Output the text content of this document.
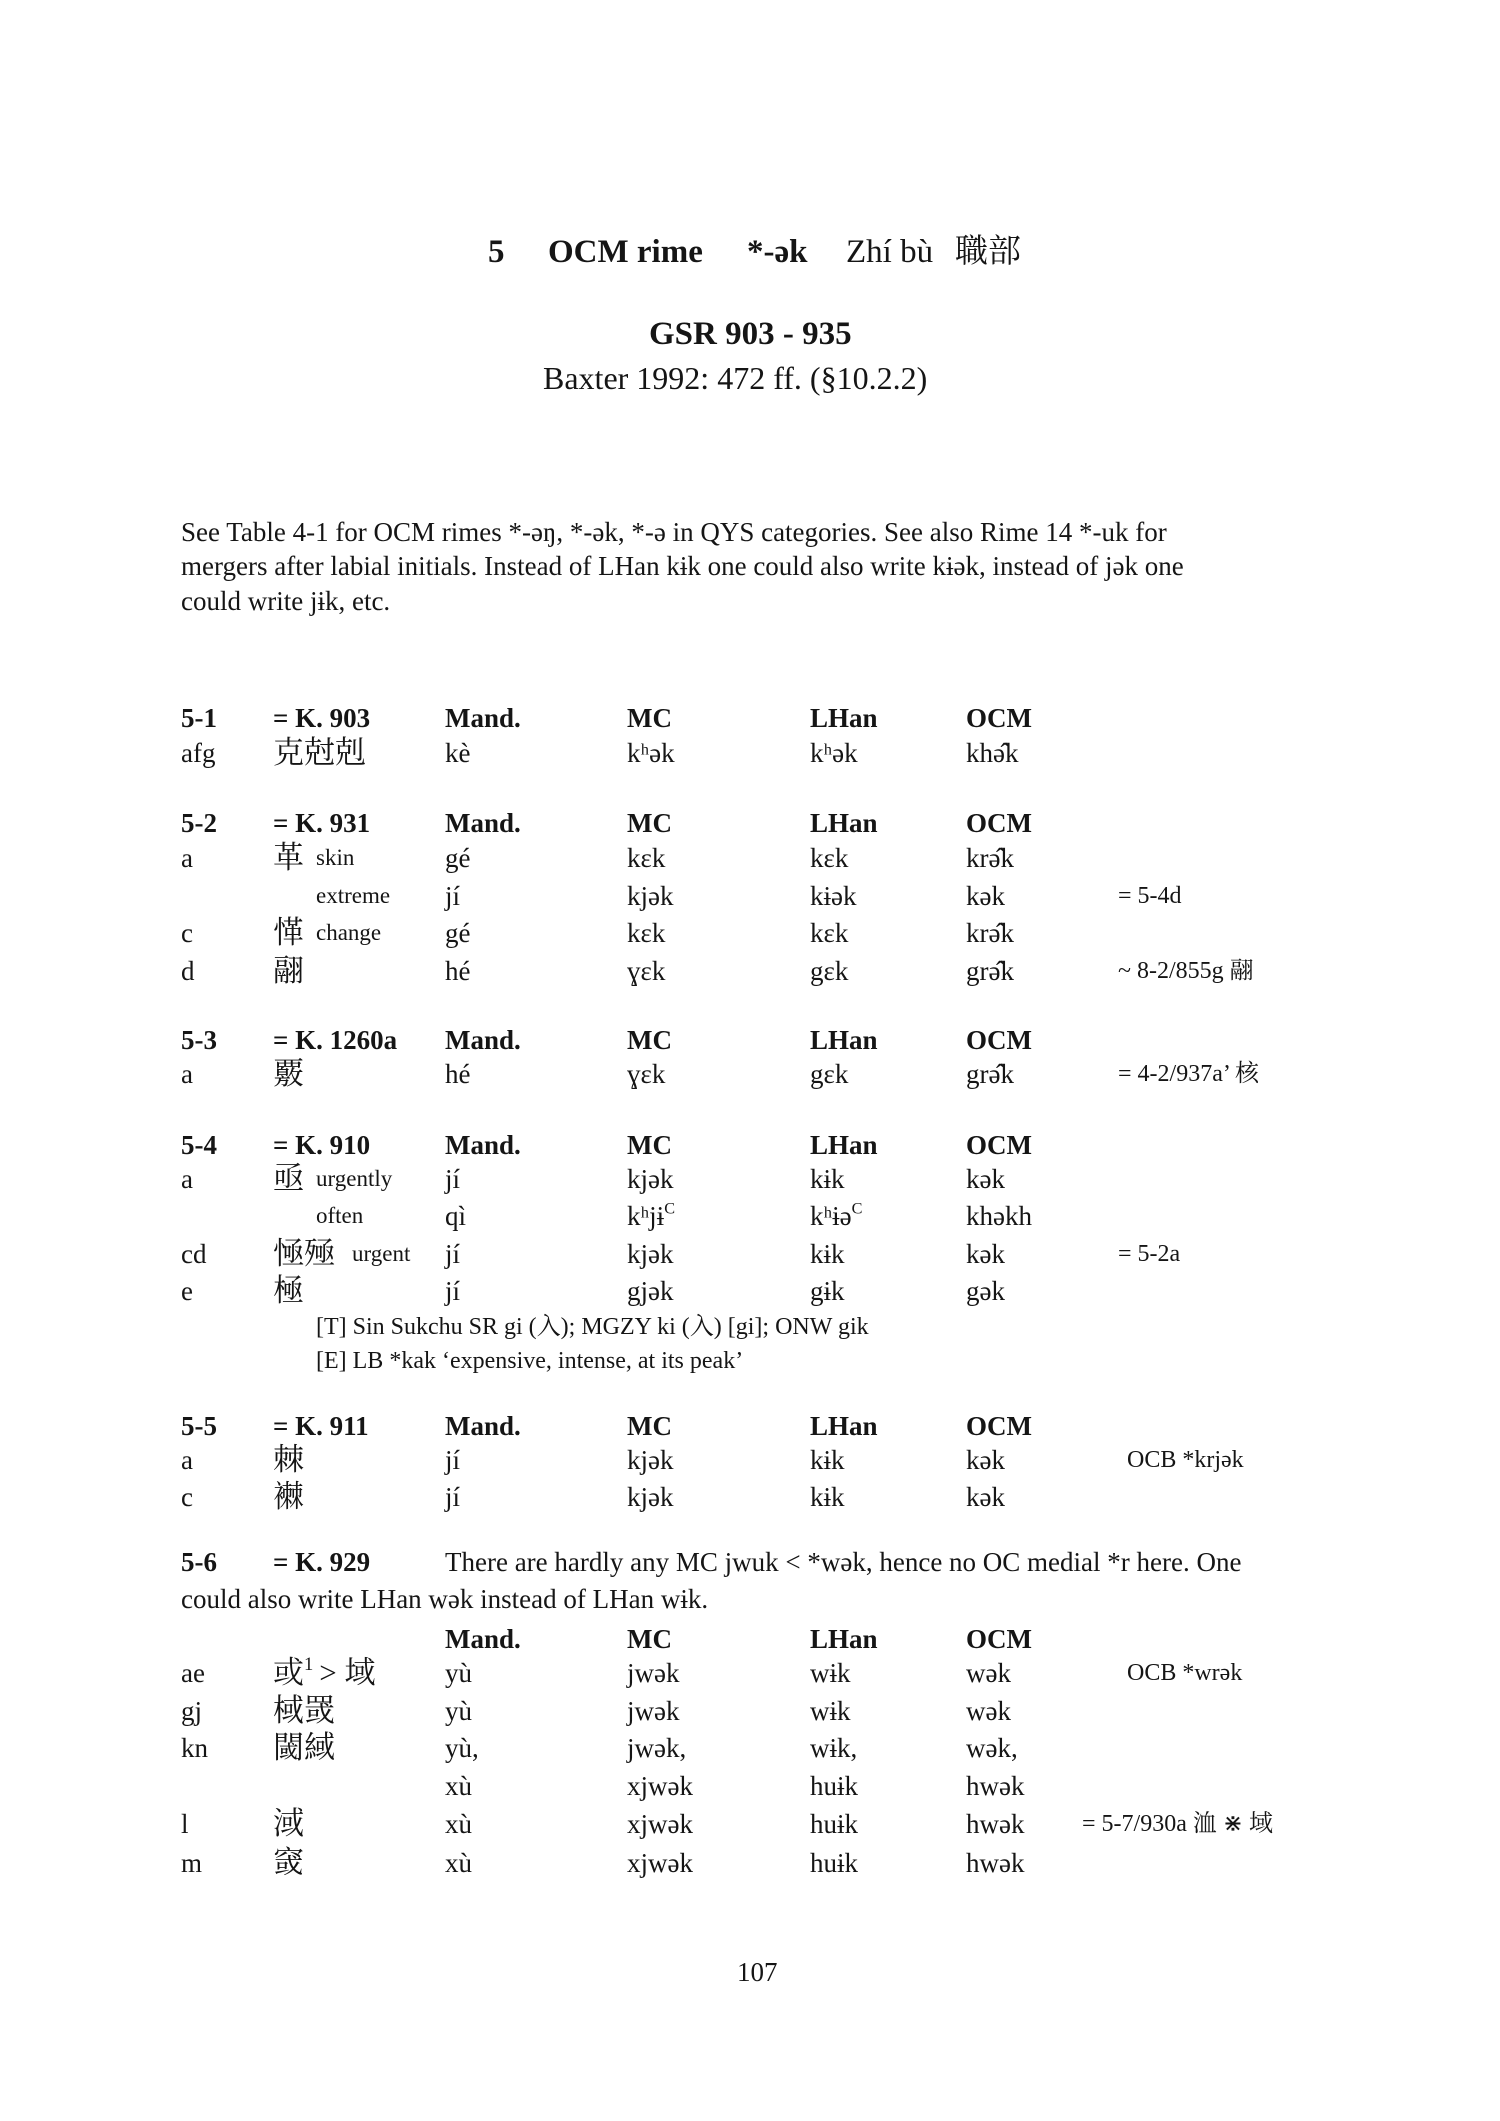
5 OCM rime *-ək Zhí bù 職部
GSR 903 - 935
Baxter 1992: 472 ff. (§10.2.2)
See Table 4-1 for OCM rimes *-əŋ, *-ək, *-ə in QYS categories. See also Rime 14 *-uk for
mergers after labial initials. Instead of LHan kɨk one could also write kɨək, instead of jək one
could write jɨk, etc.
5-1 = K. 903	Mand.	MC	LHan	OCM
afg 克尅剋	kè	kʰək	kʰək	khə̂k
5-2 = K. 931	Mand.	MC	LHan	OCM
a	革 skin	gé	kɛk	kɛk	krə̂k
extreme jí	kjək	kɨək	kək	= 5-4d
c	愅 change gé	kɛk	kɛk	krə̂k
d	翮	hé	ɣɛk	gɛk	grə̂k	~ 8-2/855g 翮
5-3 = K. 1260a Mand.	MC	LHan	OCM
a	覈	hé	ɣɛk	gɛk	grə̂k	= 4-2/937a’ 核
5-4 = K. 910	Mand.	MC	LHan	OCM
a	亟 urgently jí	kjək	kɨk	kək
often	qì	kʰjɨ$^C$	kʰɨə$^C$	khəkh
cd 㥛殛 urgent jí	kjək	kɨk	kək	= 5-2a
e	極	jí	gjək	gɨk	gək
[T] Sin Sukchu SR gi (入); MGZY ki (入) [gi]; ONW gik
[E] LB *kak ‘expensive, intense, at its peak’
5-5 = K. 911	Mand.	MC	LHan	OCM
a	棘	jí	kjək	kɨk	kək	OCB *krjək
c	襋	jí	kjək	kɨk	kək
5-6 = K. 929	There are hardly any MC jwuk < *wək, hence no OC medial *r here. One
could also write LHan wək instead of LHan wɨk.
Mand.	MC	LHan	OCM
ae 或$^1$ > 域	yù	jwək	wɨk	wək	OCB *wrək
gj 棫罭	yù	jwək	wɨk	wək
kn 閾緎	yù,	jwək,	wɨk,	wək,
xù	xjwək	huɨk	hwək
l	淢	xù	xjwək	huɨk	hwək = 5-7/930a 洫 ⋇ 域
m 窢	xù	xjwək	huɨk	hwək
107
